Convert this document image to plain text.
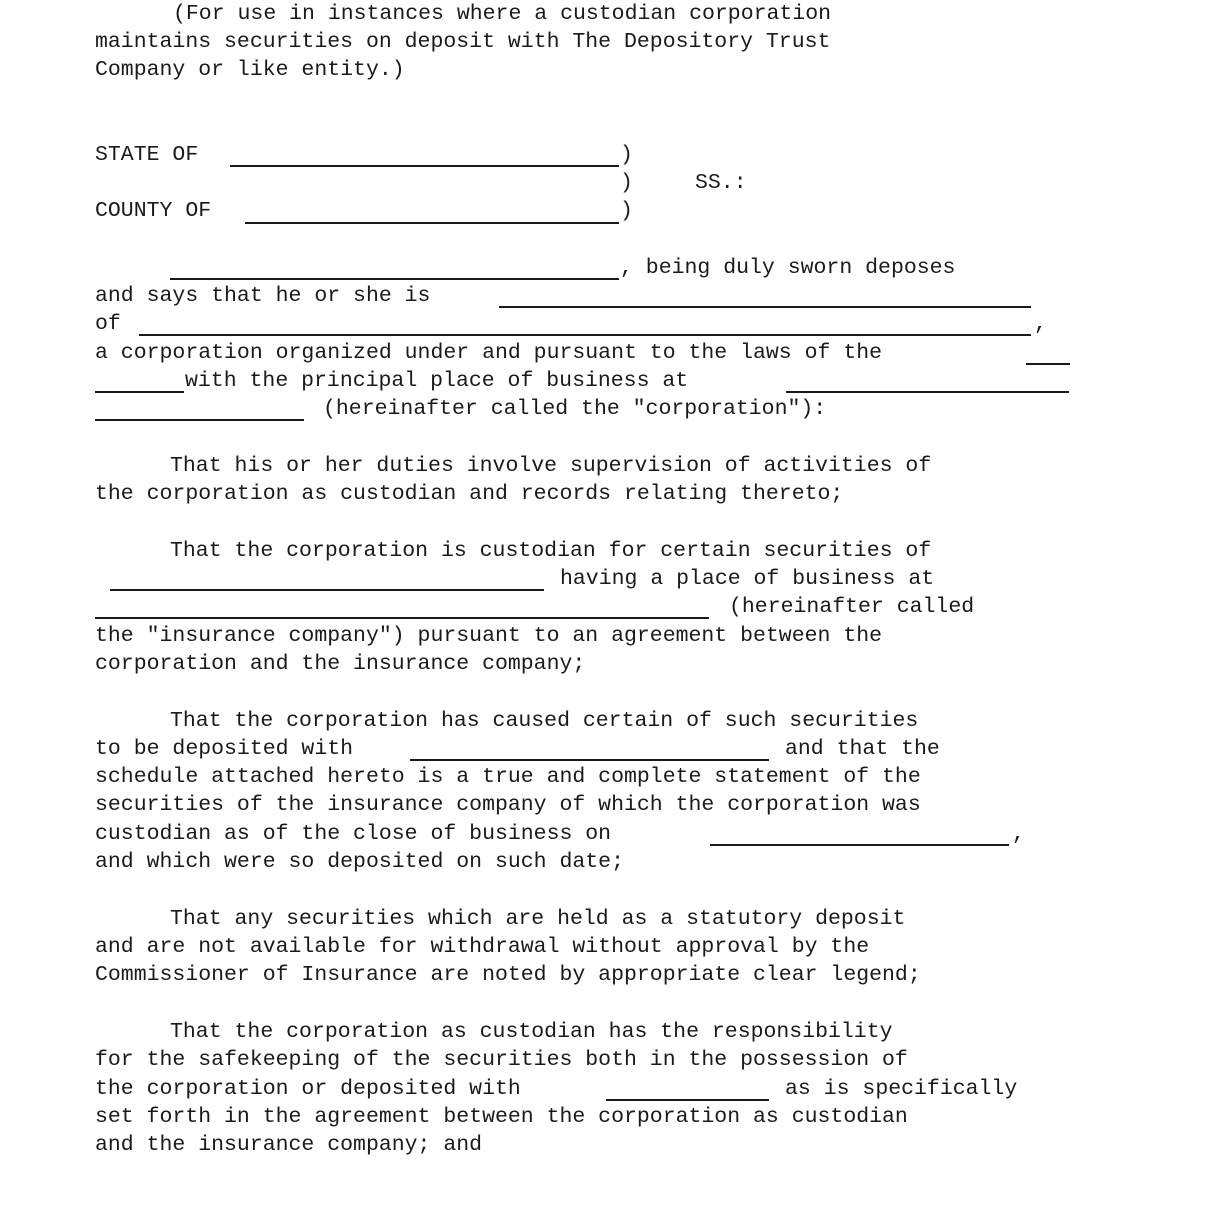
(For use in instances where a custodian corporation
maintains securities on deposit with The Depository Trust
Company or like entity.)
STATE OF	)
)	SS.:
COUNTY OF	)
, being duly sworn deposes
and says that he or she is
of	,
a corporation organized under and pursuant to the laws of the
with the principal place of business at
(hereinafter called the "corporation"):
That his or her duties involve supervision of activities of
the corporation as custodian and records relating thereto;
That the corporation is custodian for certain securities of
having a place of business at
(hereinafter called
the "insurance company") pursuant to an agreement between the
corporation and the insurance company;
That the corporation has caused certain of such securities
to be deposited with	and that the
schedule attached hereto is a true and complete statement of the
securities of the insurance company of which the corporation was
custodian as of the close of business on	,
and which were so deposited on such date;
That any securities which are held as a statutory deposit
and are not available for withdrawal without approval by the
Commissioner of Insurance are noted by appropriate clear legend;
That the corporation as custodian has the responsibility
for the safekeeping of the securities both in the possession of
the corporation or deposited with	as is specifically
set forth in the agreement between the corporation as custodian
and the insurance company; and
